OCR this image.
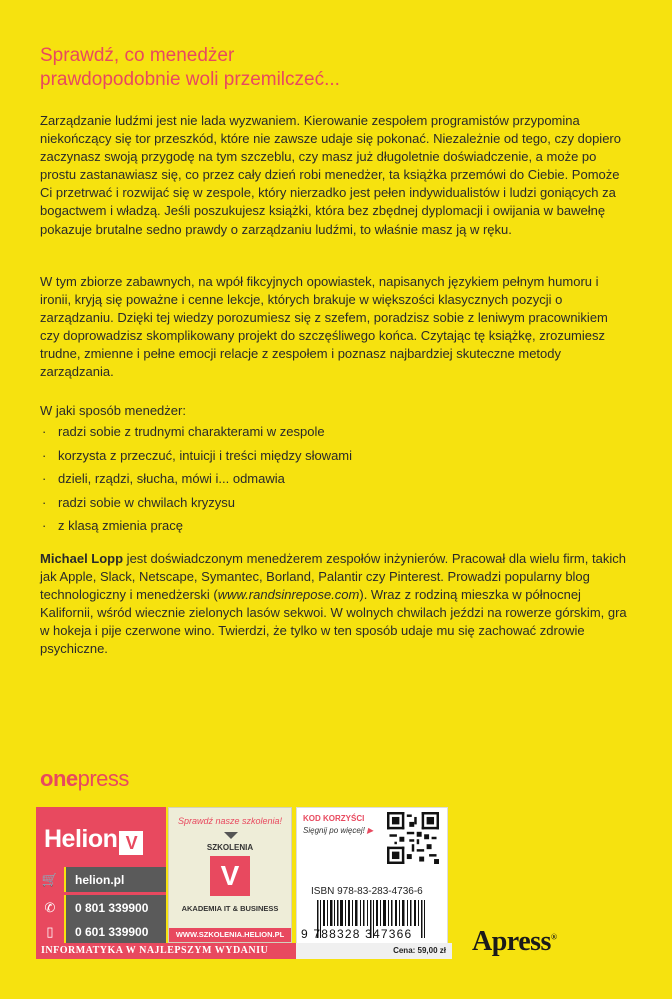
Sprawdź, co menedżer
prawdopodobnie woli przemilczeć...

Zarządzanie ludźmi jest nie lada wyzwaniem. Kierowanie zespołem programistów przypomina niekończący się tor przeszkód, które nie zawsze udaje się pokonać. Niezależnie od tego, czy dopiero zaczynasz swoją przygodę na tym szczeblu, czy masz już długoletnie doświadczenie, a może po prostu zastanawiasz się, co przez cały dzień robi menedżer, ta książka przemówi do Ciebie. Pomoże Ci przetrwać i rozwijać się w zespole, który nierzadko jest pełen indywidualistów i ludzi goniących za bogactwem i władzą. Jeśli poszukujesz książki, która bez zbędnej dyplomacji i owijania w bawełnę pokazuje brutalne sedno prawdy o zarządzaniu ludźmi, to właśnie masz ją w ręku.

W tym zbiorze zabawnych, na wpół fikcyjnych opowiastek, napisanych językiem pełnym humoru i ironii, kryją się poważne i cenne lekcje, których brakuje w większości klasycznych pozycji o zarządzaniu. Dzięki tej wiedzy porozumiesz się z szefem, poradzisz sobie z leniwym pracownikiem czy doprowadzisz skomplikowany projekt do szczęśliwego końca. Czytając tę książkę, zrozumiesz trudne, zmienne i pełne emocji relacje z zespołem i poznasz najbardziej skuteczne metody zarządzania.

W jaki sposób menedżer:

· radzi sobie z trudnymi charakterami w zespole
· korzysta z przeczuć, intuicji i treści między słowami
· dzieli, rządzi, słucha, mówi i... odmawia
· radzi sobie w chwilach kryzysu
· z klasą zmienia pracę

Michael Lopp jest doświadczonym menedżerem zespołów inżynierów. Pracował dla wielu firm, takich jak Apple, Slack, Netscape, Symantec, Borland, Palantir czy Pinterest. Prowadzi popularny blog technologiczny i menedżerski (www.randsinrepose.com). Wraz z rodziną mieszka w północnej Kalifornii, wśród wiecznie zielonych lasów sekwoi. W wolnych chwilach jeździ na rowerze górskim, gra w hokeja i pije czerwone wino. Twierdzi, że tylko w ten sposób udaje mu się zachować zdrowie psychiczne.

onepress
Helion V
🛒	helion.pl
✆	0 801 339900
▯	0 601 339900
INFORMATYKA W NAJLEPSZYM WYDANIU
Sprawdź nasze szkolenia!
SZKOLENIA
V
AKADEMIA IT & BUSINESS
WWW.SZKOLENIA.HELION.PL
KOD KORZYŚCI
Sięgnij po więcej! ▶
ISBN 978-83-283-4736-6
9 788328 347366
Cena: 59,00 zł Apress®
